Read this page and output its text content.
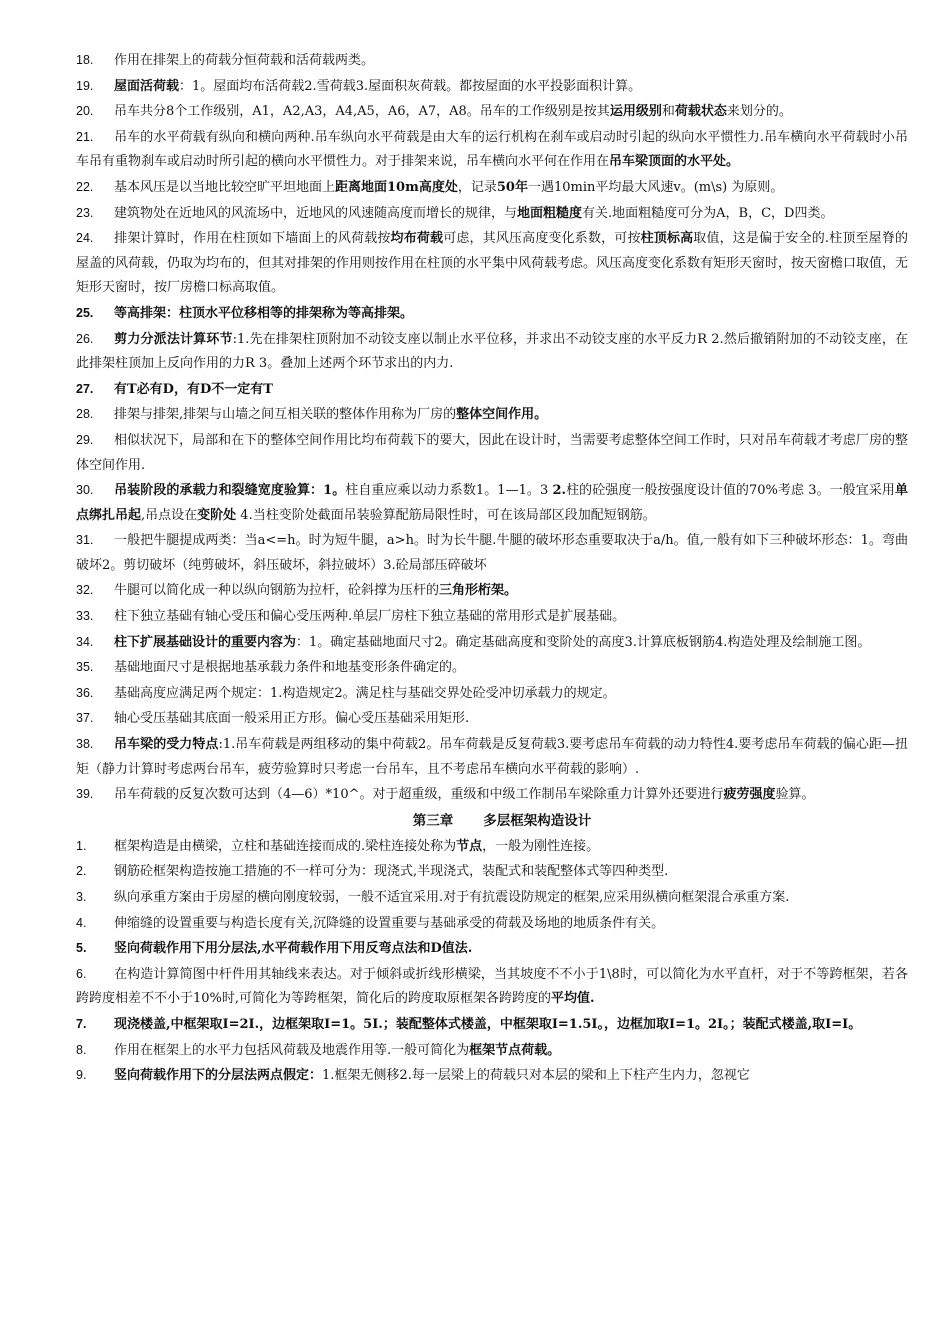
18. 作用在排架上的荷载分恒荷载和活荷载两类。

19. 屋面活荷载：1。屋面均布活荷载2.雪荷载3.屋面积灰荷载。都按屋面的水平投影面积计算。

20. 吊车共分8个工作级别，A1，A2,A3，A4,A5，A6，A7，A8。吊车的工作级别是按其运用级别和荷载状态来划分的。

21. 吊车的水平荷载有纵向和横向两种.吊车纵向水平荷载是由大车的运行机构在刹车或启动时引起的纵向水平惯性力.吊车横向水平荷载时小吊车吊有重物刹车或启动时所引起的横向水平惯性力。对于排架来说，吊车横向水平何在作用在吊车梁顶面的水平处。

22. 基本风压是以当地比较空旷平坦地面上距离地面10m高度处，记录50年一遇10min平均最大风速v。(m\s) 为原则。

23. 建筑物处在近地风的风流场中，近地风的风速随高度而增长的规律，与地面粗糙度有关.地面粗糙度可分为A，B，C，D四类。

24. 排架计算时，作用在柱顶如下墙面上的风荷载按均布荷载可虑，其风压高度变化系数，可按柱顶标高取值，这是偏于安全的.柱顶至屋脊的屋盖的风荷载，仍取为均布的，但其对排架的作用则按作用在柱顶的水平集中风荷载考虑。风压高度变化系数有矩形天窗时，按天窗檐口取值，无矩形天窗时，按厂房檐口标高取值。

25. 等高排架：柱顶水平位移相等的排架称为等高排架。

26. 剪力分派法计算环节:1.先在排架柱顶附加不动铰支座以制止水平位移，并求出不动铰支座的水平反力R 2.然后撤销附加的不动铰支座，在此排架柱顶加上反向作用的力R 3。叠加上述两个环节求出的内力.

27. 有T必有D，有D不一定有T

28. 排架与排架,排架与山墙之间互相关联的整体作用称为厂房的整体空间作用。

29. 相似状况下，局部和在下的整体空间作用比均布荷载下的要大，因此在设计时，当需要考虑整体空间工作时，只对吊车荷载才考虑厂房的整体空间作用.

30. 吊装阶段的承载力和裂缝宽度验算：1。柱自重应乘以动力系数1。1—1。3 2.柱的砼强度一般按强度设计值的70%考虑 3。一般宜采用单点绑扎吊起,吊点设在变阶处 4.当柱变阶处截面吊装验算配筋局限性时，可在该局部区段加配短钢筋。

31. 一般把牛腿提成两类：当a<=h。时为短牛腿，a>h。时为长牛腿.牛腿的破坏形态重要取决于a/h。值,一般有如下三种破坏形态：1。弯曲破坏2。剪切破坏（纯剪破坏，斜压破坏，斜拉破坏）3.砼局部压碎破坏

32. 牛腿可以简化成一种以纵向钢筋为拉杆，砼斜撑为压杆的三角形桁架。

33. 柱下独立基础有轴心受压和偏心受压两种.单层厂房柱下独立基础的常用形式是扩展基础。

34. 柱下扩展基础设计的重要内容为：1。确定基础地面尺寸2。确定基础高度和变阶处的高度3.计算底板钢筋4.构造处理及绘制施工图。

35. 基础地面尺寸是根据地基承载力条件和地基变形条件确定的。

36. 基础高度应满足两个规定：1.构造规定2。满足柱与基础交界处砼受冲切承载力的规定。

37. 轴心受压基础其底面一般采用正方形。偏心受压基础采用矩形.

38. 吊车梁的受力特点:1.吊车荷载是两组移动的集中荷载2。吊车荷载是反复荷载3.要考虑吊车荷载的动力特性4.要考虑吊车荷载的偏心距—扭矩（静力计算时考虑两台吊车，疲劳验算时只考虑一台吊车，且不考虑吊车横向水平荷载的影响）.

39. 吊车荷载的反复次数可达到（4—6）*10^。对于超重级，重级和中级工作制吊车梁除重力计算外还要进行疲劳强度验算。

第三章 多层框架构造设计

1. 框架构造是由横梁，立柱和基础连接而成的.梁柱连接处称为节点，一般为刚性连接。

2. 钢筋砼框架构造按施工措施的不一样可分为：现浇式,半现浇式，装配式和装配整体式等四种类型.

3. 纵向承重方案由于房屋的横向刚度较弱，一般不适宜采用.对于有抗震设防规定的框架,应采用纵横向框架混合承重方案.

4. 伸缩缝的设置重要与构造长度有关,沉降缝的设置重要与基础承受的荷载及场地的地质条件有关。

5. 竖向荷载作用下用分层法,水平荷载作用下用反弯点法和D值法.

6. 在构造计算简图中杆件用其轴线来表达。对于倾斜或折线形横梁，当其坡度不不小于1\8时，可以简化为水平直杆，对于不等跨框架，若各跨跨度相差不不小于10%时,可简化为等跨框架，简化后的跨度取原框架各跨跨度的平均值.

7. 现浇楼盖,中框架取I=2I.，边框架取I=1。5I.；装配整体式楼盖，中框架取I=1.5I。，边框加取I=1。2I。；装配式楼盖,取I=I。

8. 作用在框架上的水平力包括风荷载及地震作用等.一般可简化为框架节点荷载。

9. 竖向荷载作用下的分层法两点假定：1.框架无侧移2.每一层梁上的荷载只对本层的梁和上下柱产生内力，忽视它
